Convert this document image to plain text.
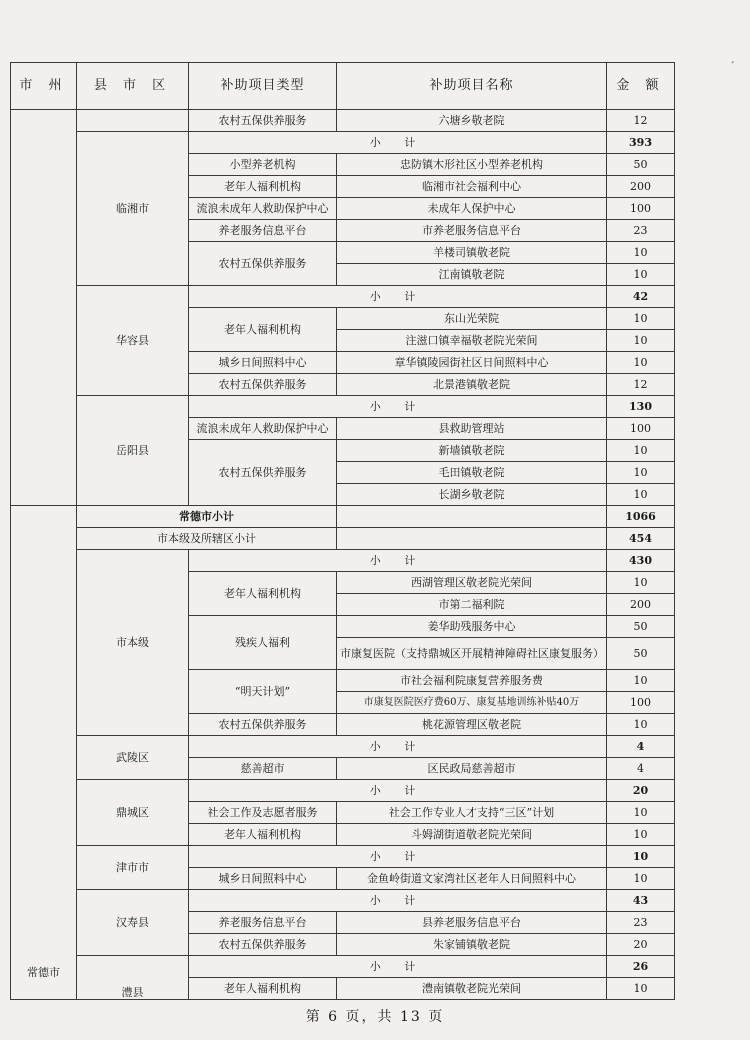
ﾞ
市 州	县 市 区	补助项目类型	补助项目名称	金 额
		农村五保供养服务	六塘乡敬老院	12
	临湘市	小 计		393
		小型养老机构	忠防镇木形社区小型养老机构	50
		老年人福利机构	临湘市社会福利中心	200
		流浪未成年人救助保护中心	未成年人保护中心	100
		养老服务信息平台	市养老服务信息平台	23
		农村五保供养服务	羊楼司镇敬老院	10
			江南镇敬老院	10
	华容县	小 计		42
		老年人福利机构	东山光荣院	10
			注滋口镇幸福敬老院光荣间	10
		城乡日间照料中心	章华镇陵园街社区日间照料中心	10
		农村五保供养服务	北景港镇敬老院	12
	岳阳县	小 计		130
		流浪未成年人救助保护中心	县救助管理站	100
		农村五保供养服务	新墙镇敬老院	10
			毛田镇敬老院	10
			长湖乡敬老院	10
常德市	常德市小计			1066
	市本级及所辖区小计			454
	市本级	小 计		430
		老年人福利机构	西湖管理区敬老院光荣间	10
			市第二福利院	200
		残疾人福利	姜华助残服务中心	50
			市康复医院（支持鼎城区开展精神障碍社区康复服务）	50
		“明天计划”	市社会福利院康复营养服务费	10
			市康复医院医疗费60万、康复基地训练补贴40万	100
		农村五保供养服务	桃花源管理区敬老院	10
	武陵区	小 计		4
		慈善超市	区民政局慈善超市	4
	鼎城区	小 计		20
		社会工作及志愿者服务	社会工作专业人才支持“三区”计划	10
		老年人福利机构	斗姆湖街道敬老院光荣间	10
	津市市	小 计		10
		城乡日间照料中心	金鱼岭街道文家湾社区老年人日间照料中心	10
	汉寿县	小 计		43
		养老服务信息平台	县养老服务信息平台	23
		农村五保供养服务	朱家铺镇敬老院	20
	澧县	小 计		26
		老年人福利机构	澧南镇敬老院光荣间	10
第 6 页，共 13 页
